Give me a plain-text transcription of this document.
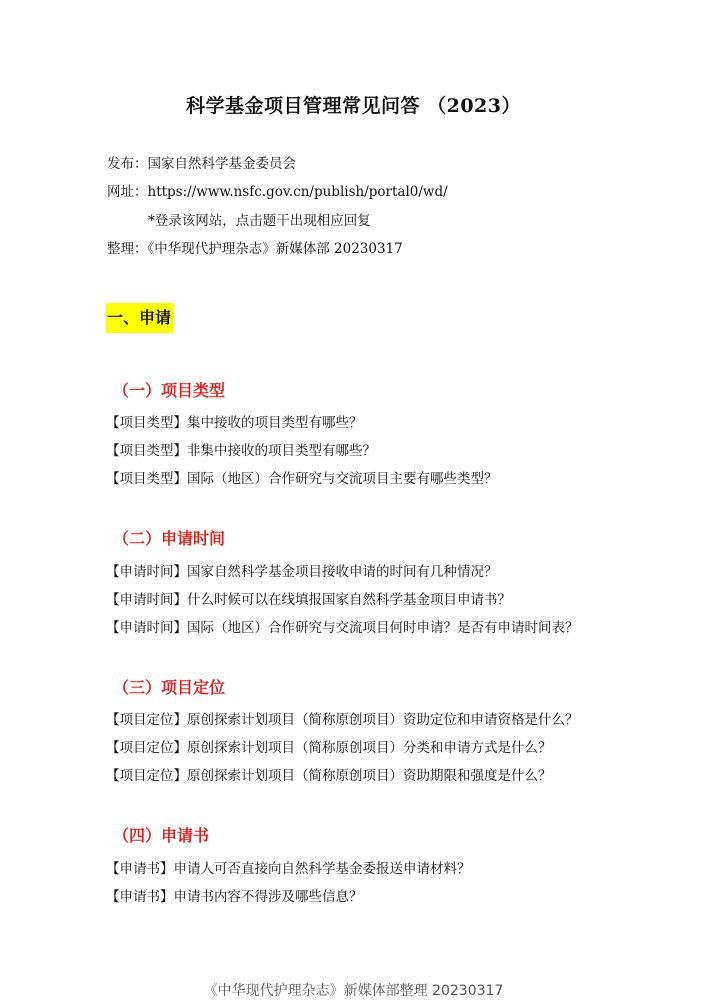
科学基金项目管理常见问答 （2023）
发布：国家自然科学基金委员会
网址：https://www.nsfc.gov.cn/publish/portal0/wd/
*登录该网站，点击题干出现相应回复
整理：《中华现代护理杂志》新媒体部 20230317
一、申请
（一）项目类型
【项目类型】集中接收的项目类型有哪些？
【项目类型】非集中接收的项目类型有哪些？
【项目类型】国际（地区）合作研究与交流项目主要有哪些类型？
（二）申请时间
【申请时间】国家自然科学基金项目接收申请的时间有几种情况？
【申请时间】什么时候可以在线填报国家自然科学基金项目申请书？
【申请时间】国际（地区）合作研究与交流项目何时申请？是否有申请时间表？
（三）项目定位
【项目定位】原创探索计划项目（简称原创项目）资助定位和申请资格是什么？
【项目定位】原创探索计划项目（简称原创项目）分类和申请方式是什么？
【项目定位】原创探索计划项目（简称原创项目）资助期限和强度是什么？
（四）申请书
【申请书】申请人可否直接向自然科学基金委报送申请材料？
【申请书】申请书内容不得涉及哪些信息？
《中华现代护理杂志》新媒体部整理 20230317
